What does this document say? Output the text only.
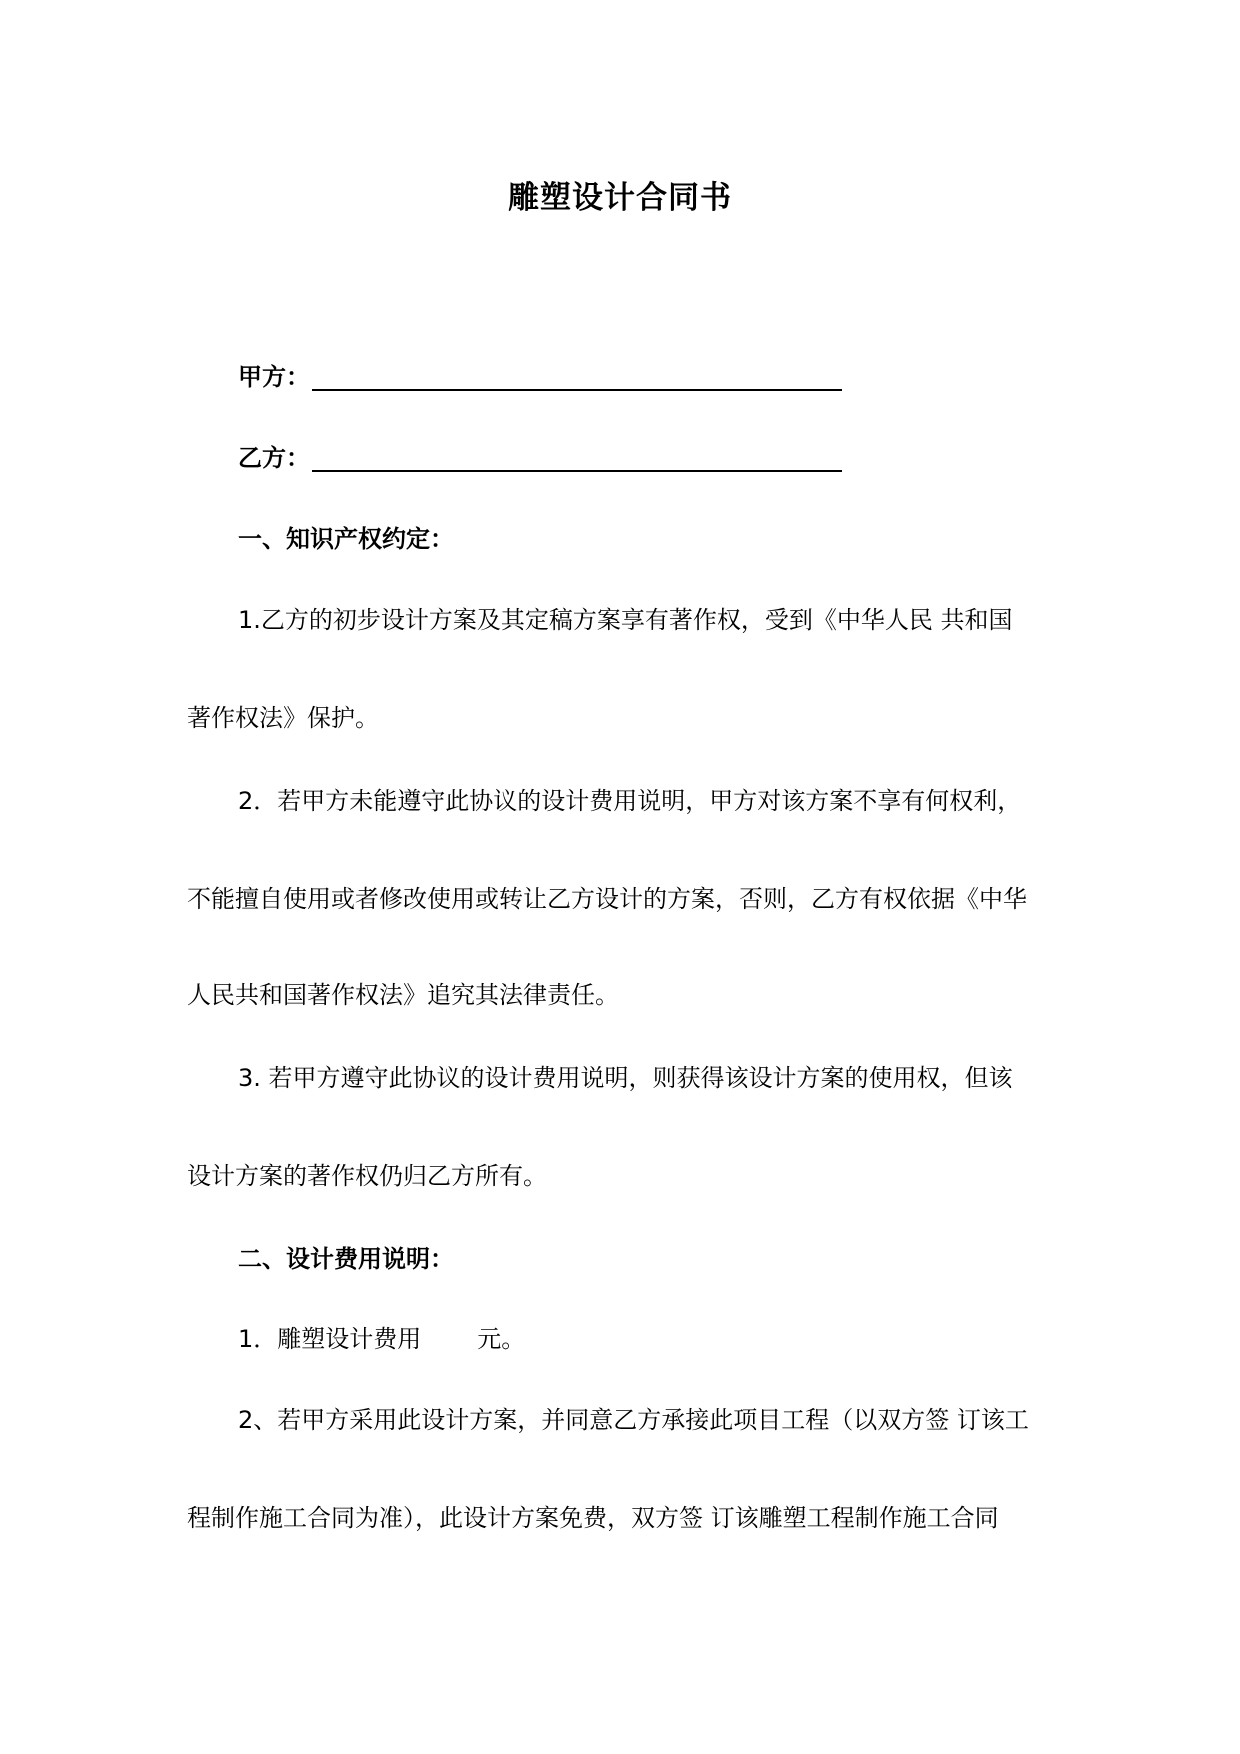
雕塑设计合同书
甲方：
乙方：
一、知识产权约定：
1.乙方的初步设计方案及其定稿方案享有著作权，受到《中华人民 共和国
著作权法》保护。
2．若甲方未能遵守此协议的设计费用说明，甲方对该方案不享有何权利，
不能擅自使用或者修改使用或转让乙方设计的方案，否则，乙方有权依据《中华
人民共和国著作权法》追究其法律责任。
3. 若甲方遵守此协议的设计费用说明，则获得该设计方案的使用权，但该
设计方案的著作权仍归乙方所有。
二、设计费用说明：
1．雕塑设计费用 元。
2、若甲方采用此设计方案，并同意乙方承接此项目工程（以双方签 订该工
程制作施工合同为准），此设计方案免费，双方签 订该雕塑工程制作施工合同
